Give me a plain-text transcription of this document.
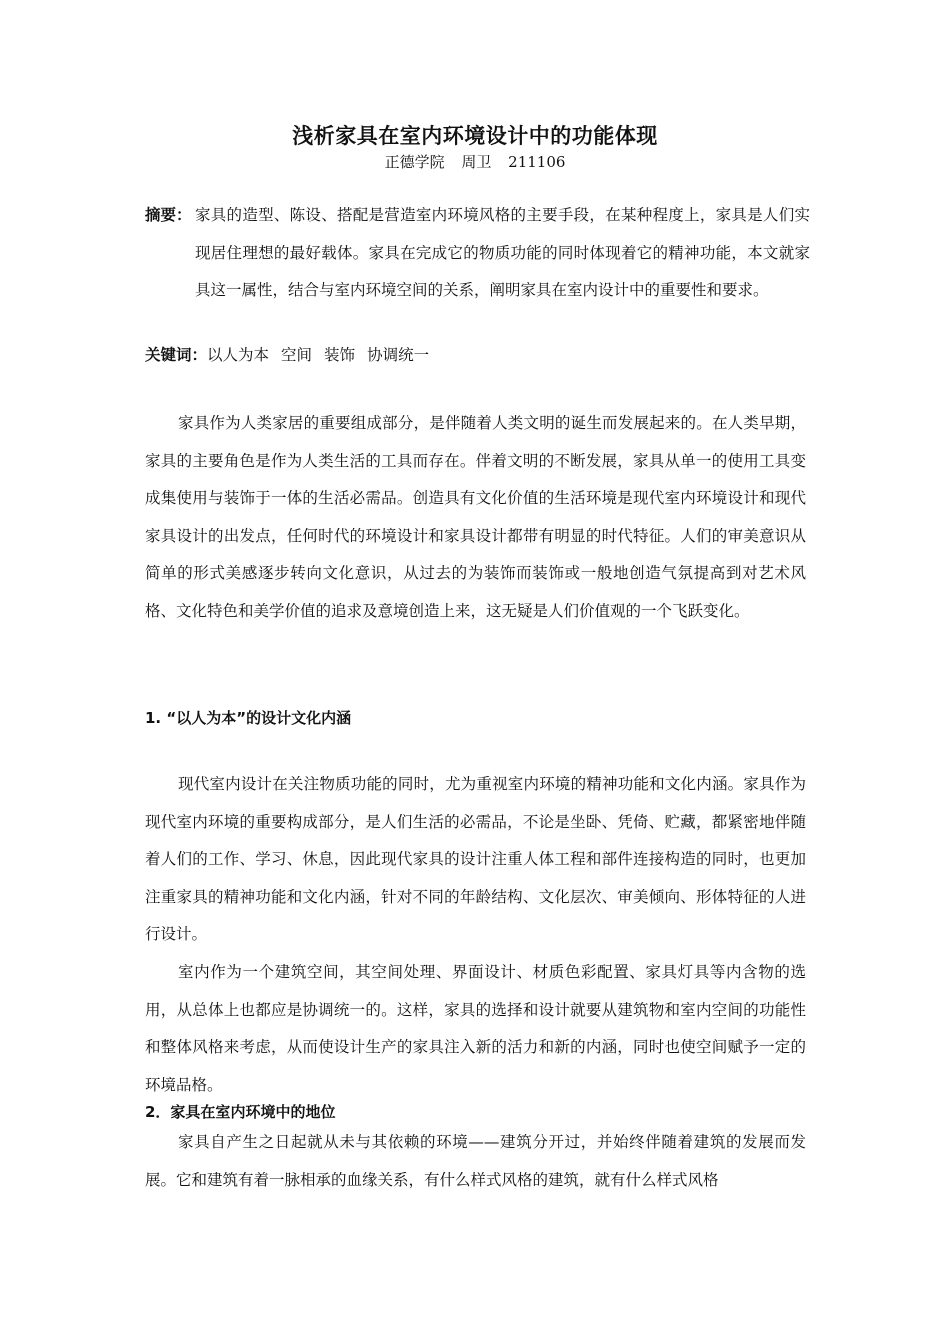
浅析家具在室内环境设计中的功能体现
正德学院 周卫 211106
摘要： 家具的造型、陈设、搭配是营造室内环境风格的主要手段，在某种程度上，家具是人们实现居住理想的最好载体。家具在完成它的物质功能的同时体现着它的精神功能，本文就家具这一属性，结合与室内环境空间的关系，阐明家具在室内设计中的重要性和要求。
关键词：以人为本 空间 装饰 协调统一

家具作为人类家居的重要组成部分，是伴随着人类文明的诞生而发展起来的。在人类早期，家具的主要角色是作为人类生活的工具而存在。伴着文明的不断发展，家具从单一的使用工具变成集使用与装饰于一体的生活必需品。创造具有文化价值的生活环境是现代室内环境设计和现代家具设计的出发点，任何时代的环境设计和家具设计都带有明显的时代特征。人们的审美意识从简单的形式美感逐步转向文化意识，从过去的为装饰而装饰或一般地创造气氛提高到对艺术风格、文化特色和美学价值的追求及意境创造上来，这无疑是人们价值观的一个飞跃变化。

1. “以人为本”的设计文化内涵

现代室内设计在关注物质功能的同时，尤为重视室内环境的精神功能和文化内涵。家具作为现代室内环境的重要构成部分，是人们生活的必需品，不论是坐卧、凭倚、贮藏，都紧密地伴随着人们的工作、学习、休息，因此现代家具的设计注重人体工程和部件连接构造的同时，也更加注重家具的精神功能和文化内涵，针对不同的年龄结构、文化层次、审美倾向、形体特征的人进行设计。

室内作为一个建筑空间，其空间处理、界面设计、材质色彩配置、家具灯具等内含物的选用，从总体上也都应是协调统一的。这样，家具的选择和设计就要从建筑物和室内空间的功能性和整体风格来考虑，从而使设计生产的家具注入新的活力和新的内涵，同时也使空间赋予一定的环境品格。

2．家具在室内环境中的地位

家具自产生之日起就从未与其依赖的环境——建筑分开过，并始终伴随着建筑的发展而发展。它和建筑有着一脉相承的血缘关系，有什么样式风格的建筑，就有什么样式风格
